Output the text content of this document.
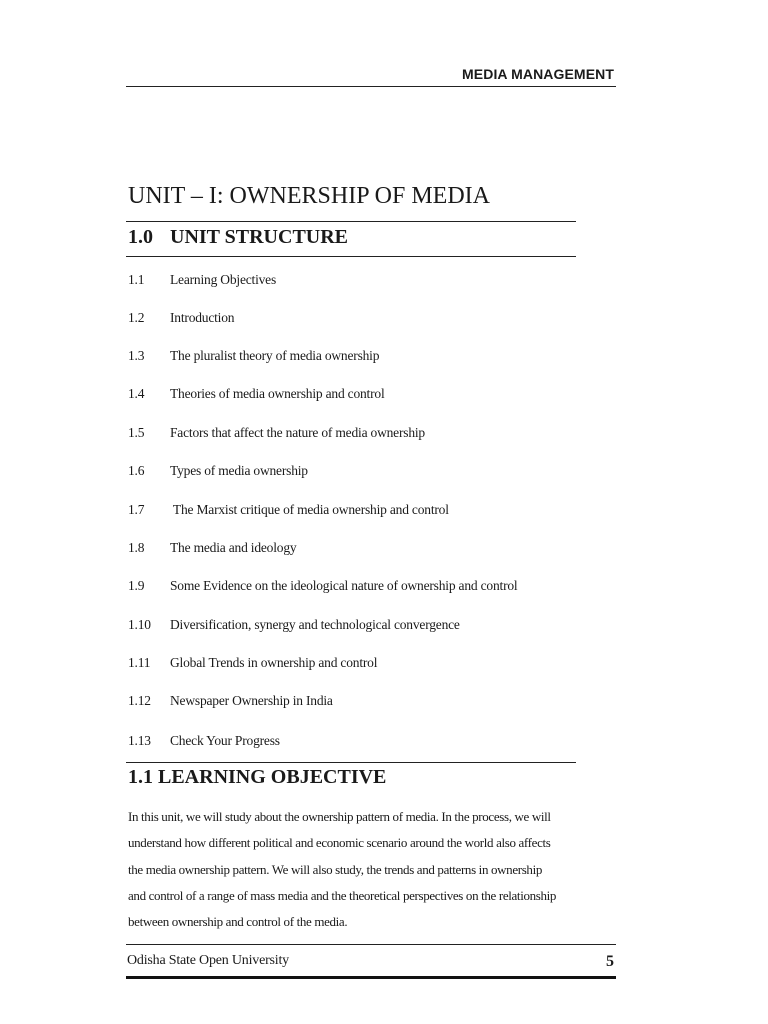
MEDIA MANAGEMENT
UNIT – I: OWNERSHIP OF MEDIA
1.0 UNIT STRUCTURE
1.1 Learning Objectives
1.2 Introduction
1.3 The pluralist theory of media ownership
1.4 Theories of media ownership and control
1.5 Factors that affect the nature of media ownership
1.6 Types of media ownership
1.7 The Marxist critique of media ownership and control
1.8 The media and ideology
1.9 Some Evidence on the ideological nature of ownership and control
1.10 Diversification, synergy and technological convergence
1.11 Global Trends in ownership and control
1.12 Newspaper Ownership in India
1.13 Check Your Progress
1.1 LEARNING OBJECTIVE
In this unit, we will study about the ownership pattern of media. In the process, we will
understand how different political and economic scenario around the world also affects
the media ownership pattern. We will also study, the trends and patterns in ownership
and control of a range of mass media and the theoretical perspectives on the relationship
between ownership and control of the media.
Odisha State Open University	5
